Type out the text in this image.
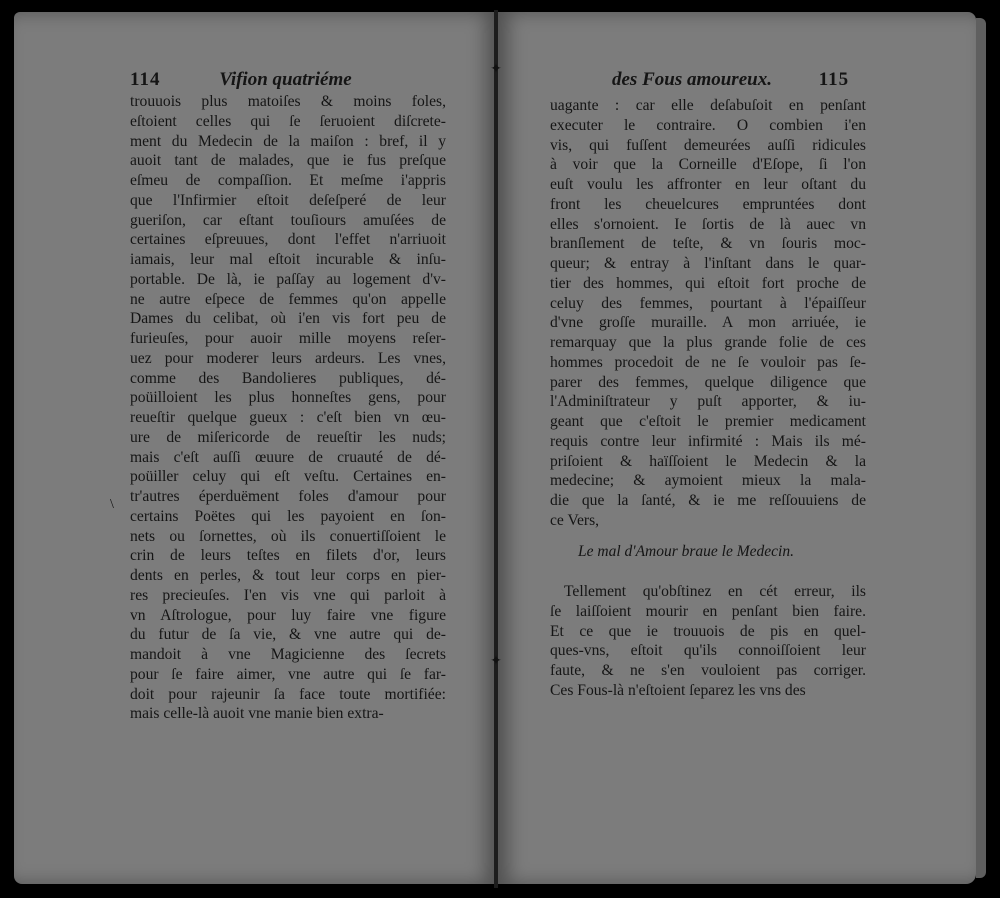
✦
✦
114	Vifion quatriéme	des Fous amoureux. 115
trouuois plus matoiſes & moins foles,
eſtoient celles qui ſe ſeruoient diſcrete-
ment du Medecin de la maiſon : bref, il y
auoit tant de malades, que ie fus preſque
eſmeu de compaſſion. Et meſme i'appris
que l'Infirmier eſtoit deſeſperé de leur
gueriſon, car eſtant touſiours amuſées de
certaines eſpreuues, dont l'effet n'arriuoit
iamais, leur mal eſtoit incurable & inſu-
portable. De là, ie paſſay au logement d'v-
ne autre eſpece de femmes qu'on appelle
Dames du celibat, où i'en vis fort peu de
furieuſes, pour auoir mille moyens reſer-
uez pour moderer leurs ardeurs. Les vnes,
comme des Bandolieres publiques, dé-
poüilloient les plus honneſtes gens, pour
reueſtir quelque gueux : c'eſt bien vn œu-
ure de miſericorde de reueſtir les nuds;
mais c'eſt auſſi œuure de cruauté de dé-
poüiller celuy qui eſt veſtu. Certaines en-
tr'autres éperduëment foles d'amour pour
certains Poëtes qui les payoient en ſon-
nets ou ſornettes, où ils conuertiſſoient le
crin de leurs teſtes en filets d'or, leurs
dents en perles, & tout leur corps en pier-
res precieuſes. I'en vis vne qui parloit à
vn Aſtrologue, pour luy faire vne figure
du futur de ſa vie, & vne autre qui de-
mandoit à vne Magicienne des ſecrets
pour ſe faire aimer, vne autre qui ſe far-
doit pour rajeunir ſa face toute mortifiée:
mais celle-là auoit vne manie bien extra-
\
uagante : car elle deſabuſoit en penſant
executer le contraire. O combien i'en
vis, qui fuſſent demeurées auſſi ridicules
à voir que la Corneille d'Eſope, ſi l'on
euſt voulu les affronter en leur oſtant du
front les cheuelcures empruntées dont
elles s'ornoient. Ie ſortis de là auec vn
branſlement de teſte, & vn ſouris moc-
queur; & entray à l'inſtant dans le quar-
tier des hommes, qui eſtoit fort proche de
celuy des femmes, pourtant à l'épaiſſeur
d'vne groſſe muraille. A mon arriuée, ie
remarquay que la plus grande folie de ces
hommes procedoit de ne ſe vouloir pas ſe-
parer des femmes, quelque diligence que
l'Adminiſtrateur y puſt apporter, & iu-
geant que c'eſtoit le premier medicament
requis contre leur infirmité : Mais ils mé-
priſoient & haïſſoient le Medecin & la
medecine; & aymoient mieux la mala-
die que la ſanté, & ie me reſſouuiens de
ce Vers,
Le mal d'Amour braue le Medecin.
Tellement qu'obſtinez en cét erreur, ils
ſe laiſſoient mourir en penſant bien faire.
Et ce que ie trouuois de pis en quel-
ques-vns, eſtoit qu'ils connoiſſoient leur
faute, & ne s'en vouloient pas corriger.
Ces Fous-là n'eſtoient ſeparez les vns des
